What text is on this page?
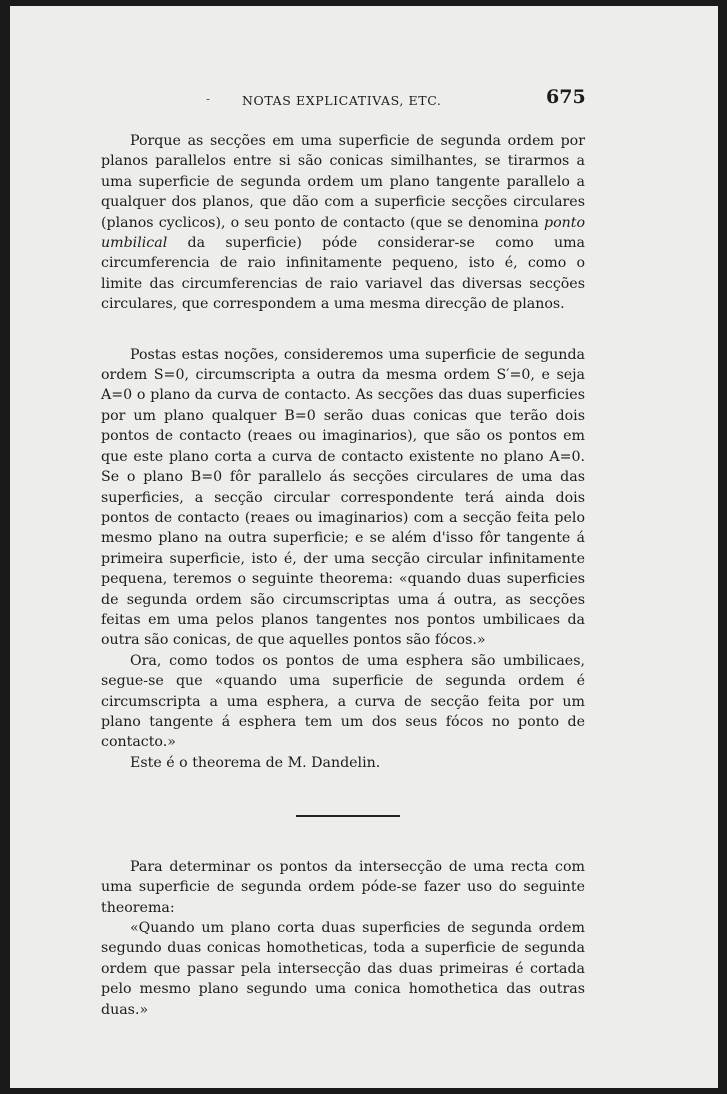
-	NOTAS EXPLICATIVAS, ETC.	675

Porque as secções em uma superficie de segunda ordem por planos parallelos entre si são conicas similhantes, se tirarmos a uma superficie de segunda ordem um plano tangente parallelo a qualquer dos planos, que dão com a superficie secções circulares (planos cyclicos), o seu ponto de contacto (que se denomina ponto umbilical da superficie) póde considerar-se como uma circumferencia de raio infinitamente pequeno, isto é, como o limite das circumferencias de raio variavel das diversas secções circulares, que correspondem a uma mesma direcção de planos.

Postas estas noções, consideremos uma superficie de segunda ordem S=0, circumscripta a outra da mesma ordem S′=0, e seja A=0 o plano da curva de contacto. As secções das duas superficies por um plano qualquer B=0 serão duas conicas que terão dois pontos de contacto (reaes ou imaginarios), que são os pontos em que este plano corta a curva de contacto existente no plano A=0. Se o plano B=0 fôr parallelo ás secções circulares de uma das superficies, a secção circular correspondente terá ainda dois pontos de contacto (reaes ou imaginarios) com a secção feita pelo mesmo plano na outra superficie; e se além d'isso fôr tangente á primeira superficie, isto é, der uma secção circular infinitamente pequena, teremos o seguinte theorema: «quando duas superficies de segunda ordem são circumscriptas uma á outra, as secções feitas em uma pelos planos tangentes nos pontos umbilicaes da outra são conicas, de que aquelles pontos são fócos.»

Ora, como todos os pontos de uma esphera são umbilicaes, segue-se que «quando uma superficie de segunda ordem é circumscripta a uma esphera, a curva de secção feita por um plano tangente á esphera tem um dos seus fócos no ponto de contacto.»

Este é o theorema de M. Dandelin.

Para determinar os pontos da intersecção de uma recta com uma superficie de segunda ordem póde-se fazer uso do seguinte theorema:

«Quando um plano corta duas superficies de segunda ordem segundo duas conicas homotheticas, toda a superficie de segunda ordem que passar pela intersecção das duas primeiras é cortada pelo mesmo plano segundo uma conica homothetica das outras duas.»
